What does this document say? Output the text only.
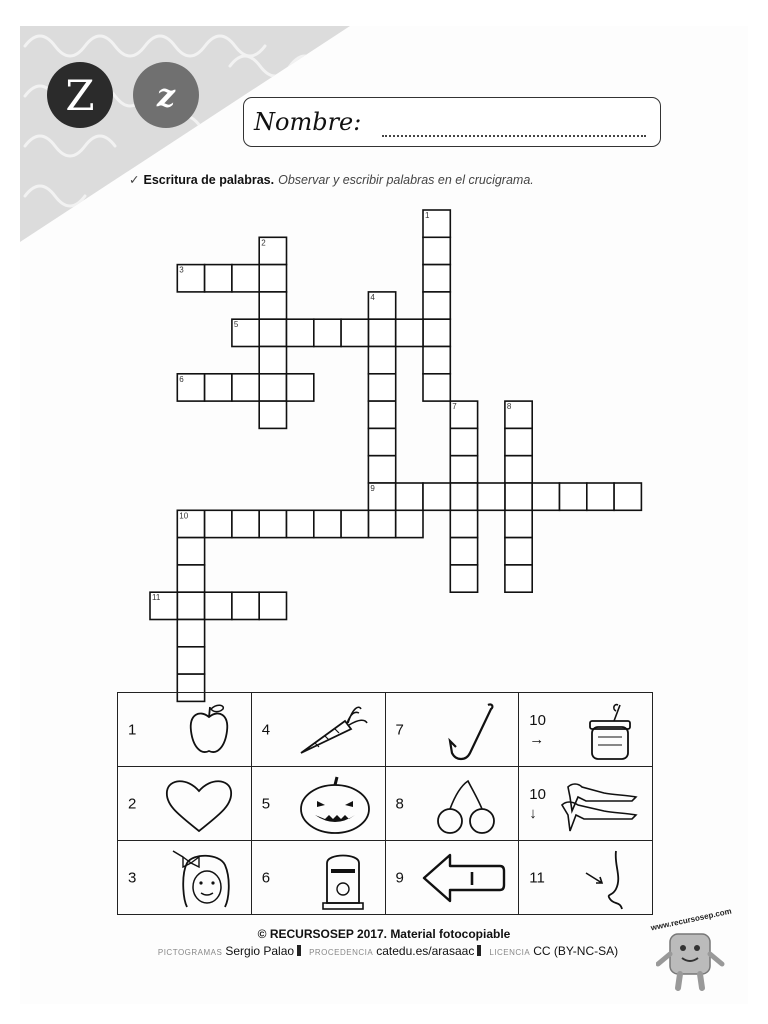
Z z
Nombre:
✓ Escritura de palabras. Observar y escribir palabras en el crucigrama.
1
2
3
4
5
6
7	8
9
10
11
1	4	7	10
→

2	5	8	10
↓

3	6	9 I	11
© RECURSOSEP 2017. Material fotocopiable
PICTOGRAMAS Sergio Palao PROCEDENCIA catedu.es/arasaac LICENCIA CC (BY-NC-SA)
www.recursosep.com
